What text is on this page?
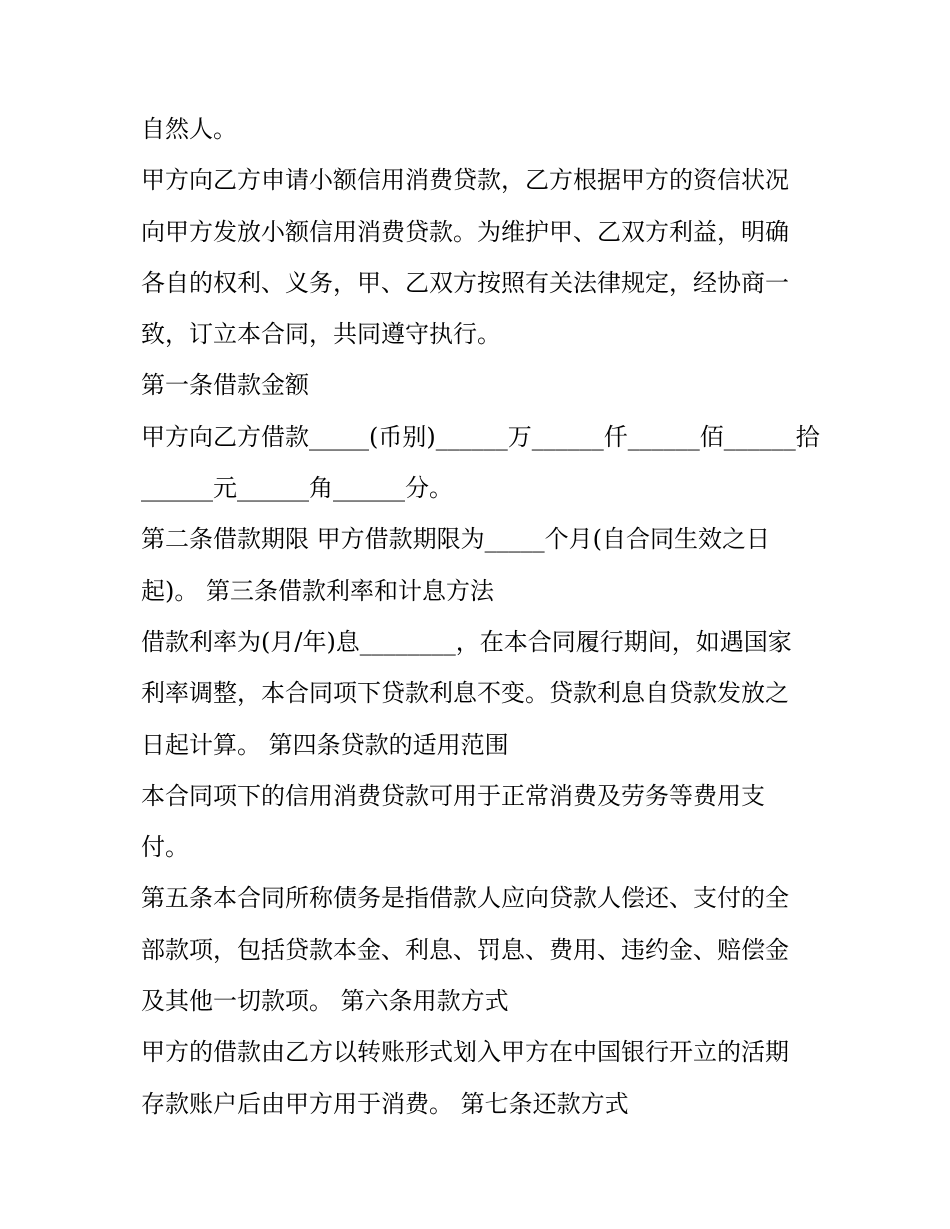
自然人。
甲方向乙方申请小额信用消费贷款，乙方根据甲方的资信状况
向甲方发放小额信用消费贷款。为维护甲、乙双方利益，明确
各自的权利、义务，甲、乙双方按照有关法律规定，经协商一
致，订立本合同，共同遵守执行。
第一条借款金额
甲方向乙方借款_____(币别)______万______仟______佰______拾
______元______角______分。
第二条借款期限 甲方借款期限为_____个月(自合同生效之日
起)。 第三条借款利率和计息方法
借款利率为(月/年)息________，在本合同履行期间，如遇国家
利率调整，本合同项下贷款利息不变。贷款利息自贷款发放之
日起计算。 第四条贷款的适用范围
本合同项下的信用消费贷款可用于正常消费及劳务等费用支
付。
第五条本合同所称债务是指借款人应向贷款人偿还、支付的全
部款项，包括贷款本金、利息、罚息、费用、违约金、赔偿金
及其他一切款项。 第六条用款方式
甲方的借款由乙方以转账形式划入甲方在中国银行开立的活期
存款账户后由甲方用于消费。 第七条还款方式
